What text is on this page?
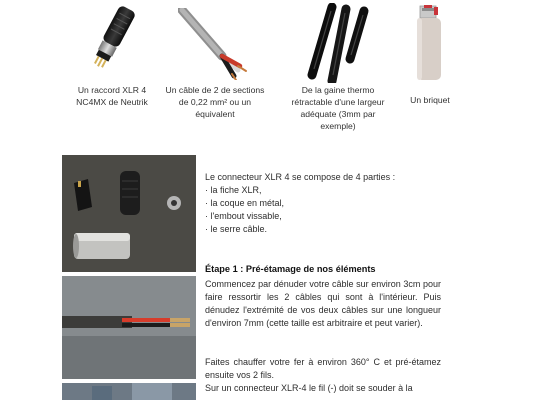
Un raccord XLR 4
NC4MX de Neutrik
Un câble de 2 de sections
de 0,22 mm² ou un
équivalent
De la gaine thermo
rétractable d'une largeur
adéquate (3mm par
exemple)
Un briquet
Le connecteur XLR 4 se compose de 4 parties :
· la fiche XLR,
· la coque en métal,
· l'embout vissable,
· le serre câble.
Étape 1 : Pré-étamage de nos éléments
Commencez par dénuder votre câble sur environ 3cm pour faire ressortir les 2 câbles qui sont à l'intérieur. Puis dénudez l'extrémité de vos deux câbles sur une longueur d'environ 7mm (cette taille est arbitraire et peut varier).
Faites chauffer votre fer à environ 360° C et pré-étamez ensuite vos 2 fils.
Sur un connecteur XLR-4 le fil (-) doit se souder à la
